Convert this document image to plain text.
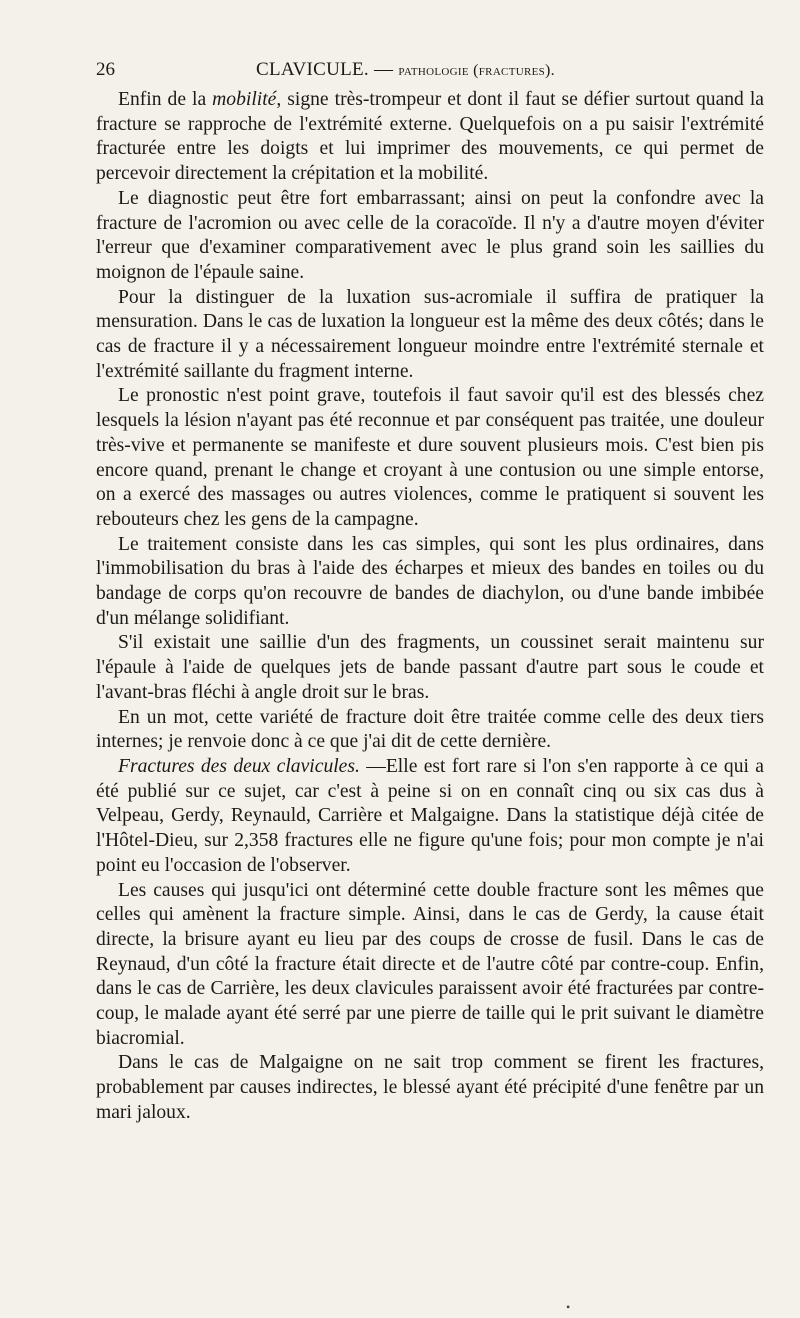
26	CLAVICULE. — pathologie (fractures).

Enfin de la mobilité, signe très-trompeur et dont il faut se défier surtout quand la fracture se rapproche de l'extrémité externe. Quelquefois on a pu saisir l'extrémité fracturée entre les doigts et lui imprimer des mouvements, ce qui permet de percevoir directement la crépitation et la mobilité.

Le diagnostic peut être fort embarrassant; ainsi on peut la confondre avec la fracture de l'acromion ou avec celle de la coracoïde. Il n'y a d'autre moyen d'éviter l'erreur que d'examiner comparativement avec le plus grand soin les saillies du moignon de l'épaule saine.

Pour la distinguer de la luxation sus-acromiale il suffira de pratiquer la mensuration. Dans le cas de luxation la longueur est la même des deux côtés; dans le cas de fracture il y a nécessairement longueur moindre entre l'extrémité sternale et l'extrémité saillante du fragment interne.

Le pronostic n'est point grave, toutefois il faut savoir qu'il est des blessés chez lesquels la lésion n'ayant pas été reconnue et par conséquent pas traitée, une douleur très-vive et permanente se manifeste et dure souvent plusieurs mois. C'est bien pis encore quand, prenant le change et croyant à une contusion ou une simple entorse, on a exercé des massages ou autres violences, comme le pratiquent si souvent les rebouteurs chez les gens de la campagne.

Le traitement consiste dans les cas simples, qui sont les plus ordinaires, dans l'immobilisation du bras à l'aide des écharpes et mieux des bandes en toiles ou du bandage de corps qu'on recouvre de bandes de diachylon, ou d'une bande imbibée d'un mélange solidifiant.

S'il existait une saillie d'un des fragments, un coussinet serait maintenu sur l'épaule à l'aide de quelques jets de bande passant d'autre part sous le coude et l'avant-bras fléchi à angle droit sur le bras.

En un mot, cette variété de fracture doit être traitée comme celle des deux tiers internes; je renvoie donc à ce que j'ai dit de cette dernière.

Fractures des deux clavicules. —Elle est fort rare si l'on s'en rapporte à ce qui a été publié sur ce sujet, car c'est à peine si on en connaît cinq ou six cas dus à Velpeau, Gerdy, Reynauld, Carrière et Malgaigne. Dans la statistique déjà citée de l'Hôtel-Dieu, sur 2,358 fractures elle ne figure qu'une fois; pour mon compte je n'ai point eu l'occasion de l'observer.

Les causes qui jusqu'ici ont déterminé cette double fracture sont les mêmes que celles qui amènent la fracture simple. Ainsi, dans le cas de Gerdy, la cause était directe, la brisure ayant eu lieu par des coups de crosse de fusil. Dans le cas de Reynaud, d'un côté la fracture était directe et de l'autre côté par contre-coup. Enfin, dans le cas de Carrière, les deux clavicules paraissent avoir été fracturées par contre-coup, le malade ayant été serré par une pierre de taille qui le prit suivant le diamètre biacromial.

Dans le cas de Malgaigne on ne sait trop comment se firent les fractures, probablement par causes indirectes, le blessé ayant été précipité d'une fenêtre par un mari jaloux.

•
